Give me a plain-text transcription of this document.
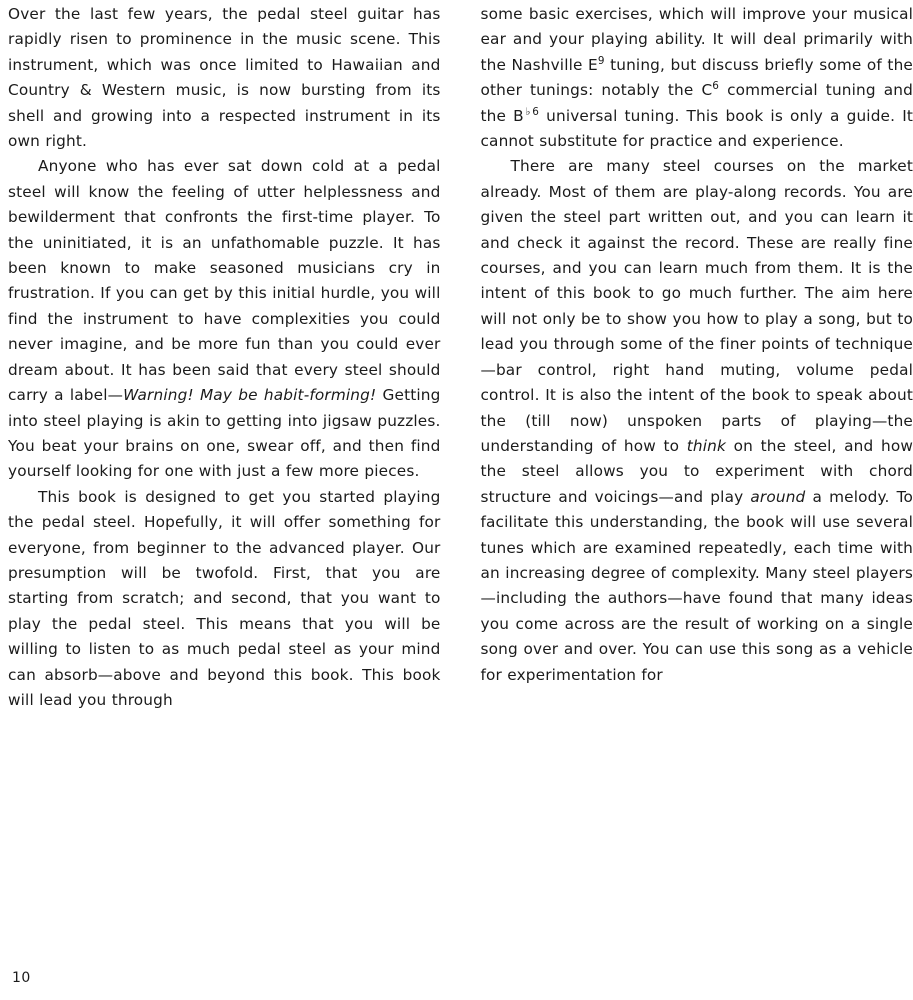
Over the last few years, the pedal steel guitar has rapidly risen to prominence in the music scene. This instrument, which was once limited to Hawaiian and Country & Western music, is now bursting from its shell and growing into a respected instrument in its own right.

Anyone who has ever sat down cold at a pedal steel will know the feeling of utter helplessness and bewilderment that confronts the first-time player. To the uninitiated, it is an unfathomable puzzle. It has been known to make seasoned musicians cry in frustration. If you can get by this initial hurdle, you will find the instrument to have complexities you could never imagine, and be more fun than you could ever dream about. It has been said that every steel should carry a label—Warning! May be habit-forming! Getting into steel playing is akin to getting into jigsaw puzzles. You beat your brains on one, swear off, and then find yourself looking for one with just a few more pieces.

This book is designed to get you started playing the pedal steel. Hopefully, it will offer something for everyone, from beginner to the advanced player. Our presumption will be twofold. First, that you are starting from scratch; and second, that you want to play the pedal steel. This means that you will be willing to listen to as much pedal steel as your mind can absorb—above and beyond this book. This book will lead you through

some basic exercises, which will improve your musical ear and your playing ability. It will deal primarily with the Nashville $E^9$ tuning, but discuss briefly some of the other tunings: notably the $C^6$ commercial tuning and the $B^{♭6}$ universal tuning. This book is only a guide. It cannot substitute for practice and experience.

There are many steel courses on the market already. Most of them are play-along records. You are given the steel part written out, and you can learn it and check it against the record. These are really fine courses, and you can learn much from them. It is the intent of this book to go much further. The aim here will not only be to show you how to play a song, but to lead you through some of the finer points of technique—bar control, right hand muting, volume pedal control. It is also the intent of the book to speak about the (till now) unspoken parts of playing—the understanding of how to think on the steel, and how the steel allows you to experiment with chord structure and voicings—and play around a melody. To facilitate this understanding, the book will use several tunes which are examined repeatedly, each time with an increasing degree of complexity. Many steel players—including the authors—have found that many ideas you come across are the result of working on a single song over and over. You can use this song as a vehicle for experimentation for

10
